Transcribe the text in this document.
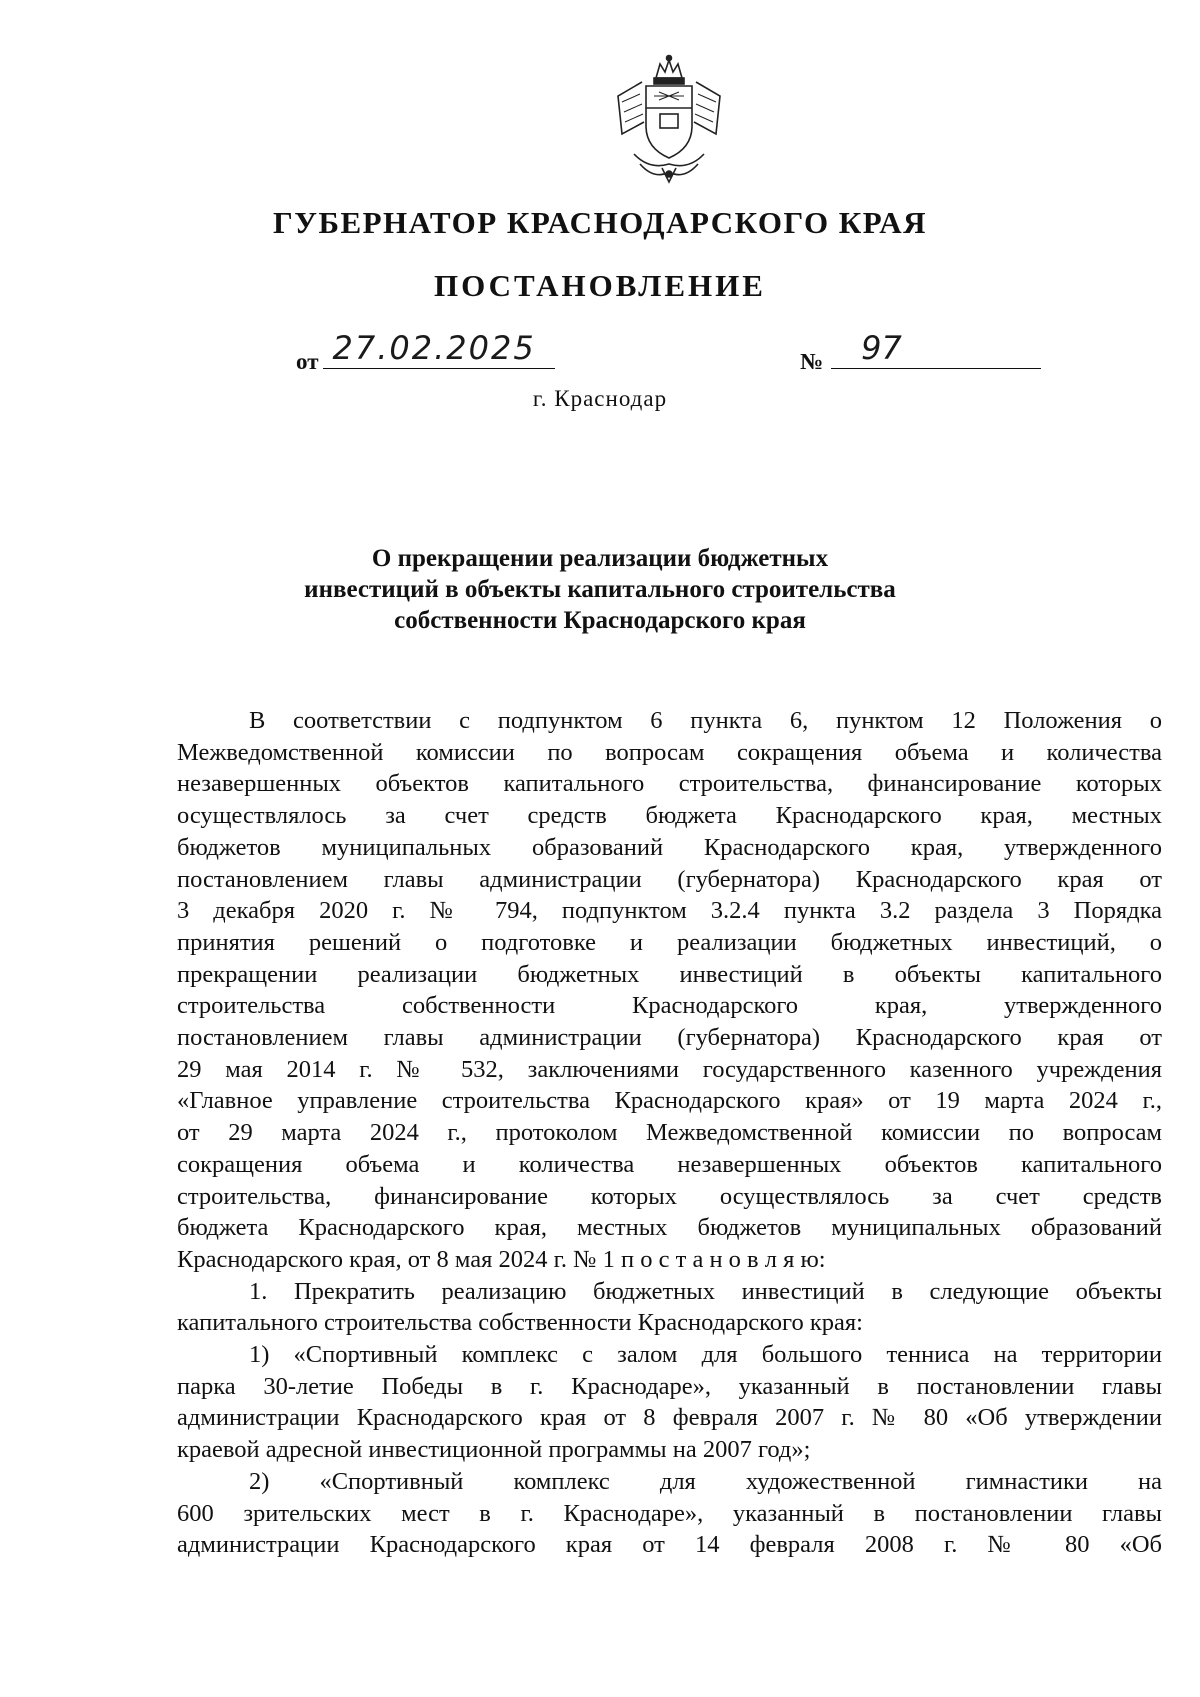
ГУБЕРНАТОР КРАСНОДАРСКОГО КРАЯ
ПОСТАНОВЛЕНИЕ
от 27.02.2025	№ 97
г. Краснодар
О прекращении реализации бюджетных
инвестиций в объекты капитального строительства
собственности Краснодарского края
В соответствии с подпунктом 6 пункта 6, пунктом 12 Положения о
Межведомственной комиссии по вопросам сокращения объема и количества
незавершенных объектов капитального строительства, финансирование которых
осуществлялось за счет средств бюджета Краснодарского края, местных
бюджетов муниципальных образований Краснодарского края, утвержденного
постановлением главы администрации (губернатора) Краснодарского края от
3 декабря 2020 г. № 794, подпунктом 3.2.4 пункта 3.2 раздела 3 Порядка
принятия решений о подготовке и реализации бюджетных инвестиций, о
прекращении реализации бюджетных инвестиций в объекты капитального
строительства собственности Краснодарского края, утвержденного
постановлением главы администрации (губернатора) Краснодарского края от
29 мая 2014 г. № 532, заключениями государственного казенного учреждения
«Главное управление строительства Краснодарского края» от 19 марта 2024 г.,
от 29 марта 2024 г., протоколом Межведомственной комиссии по вопросам
сокращения объема и количества незавершенных объектов капитального
строительства, финансирование которых осуществлялось за счет средств
бюджета Краснодарского края, местных бюджетов муниципальных образований
Краснодарского края, от 8 мая 2024 г. № 1 п о с т а н о в л я ю:
1. Прекратить реализацию бюджетных инвестиций в следующие объекты
капитального строительства собственности Краснодарского края:
1) «Спортивный комплекс с залом для большого тенниса на территории
парка 30-летие Победы в г. Краснодаре», указанный в постановлении главы
администрации Краснодарского края от 8 февраля 2007 г. № 80 «Об утверждении
краевой адресной инвестиционной программы на 2007 год»;
2) «Спортивный комплекс для художественной гимнастики на
600 зрительских мест в г. Краснодаре», указанный в постановлении главы
администрации Краснодарского края от 14 февраля 2008 г. № 80 «Об
